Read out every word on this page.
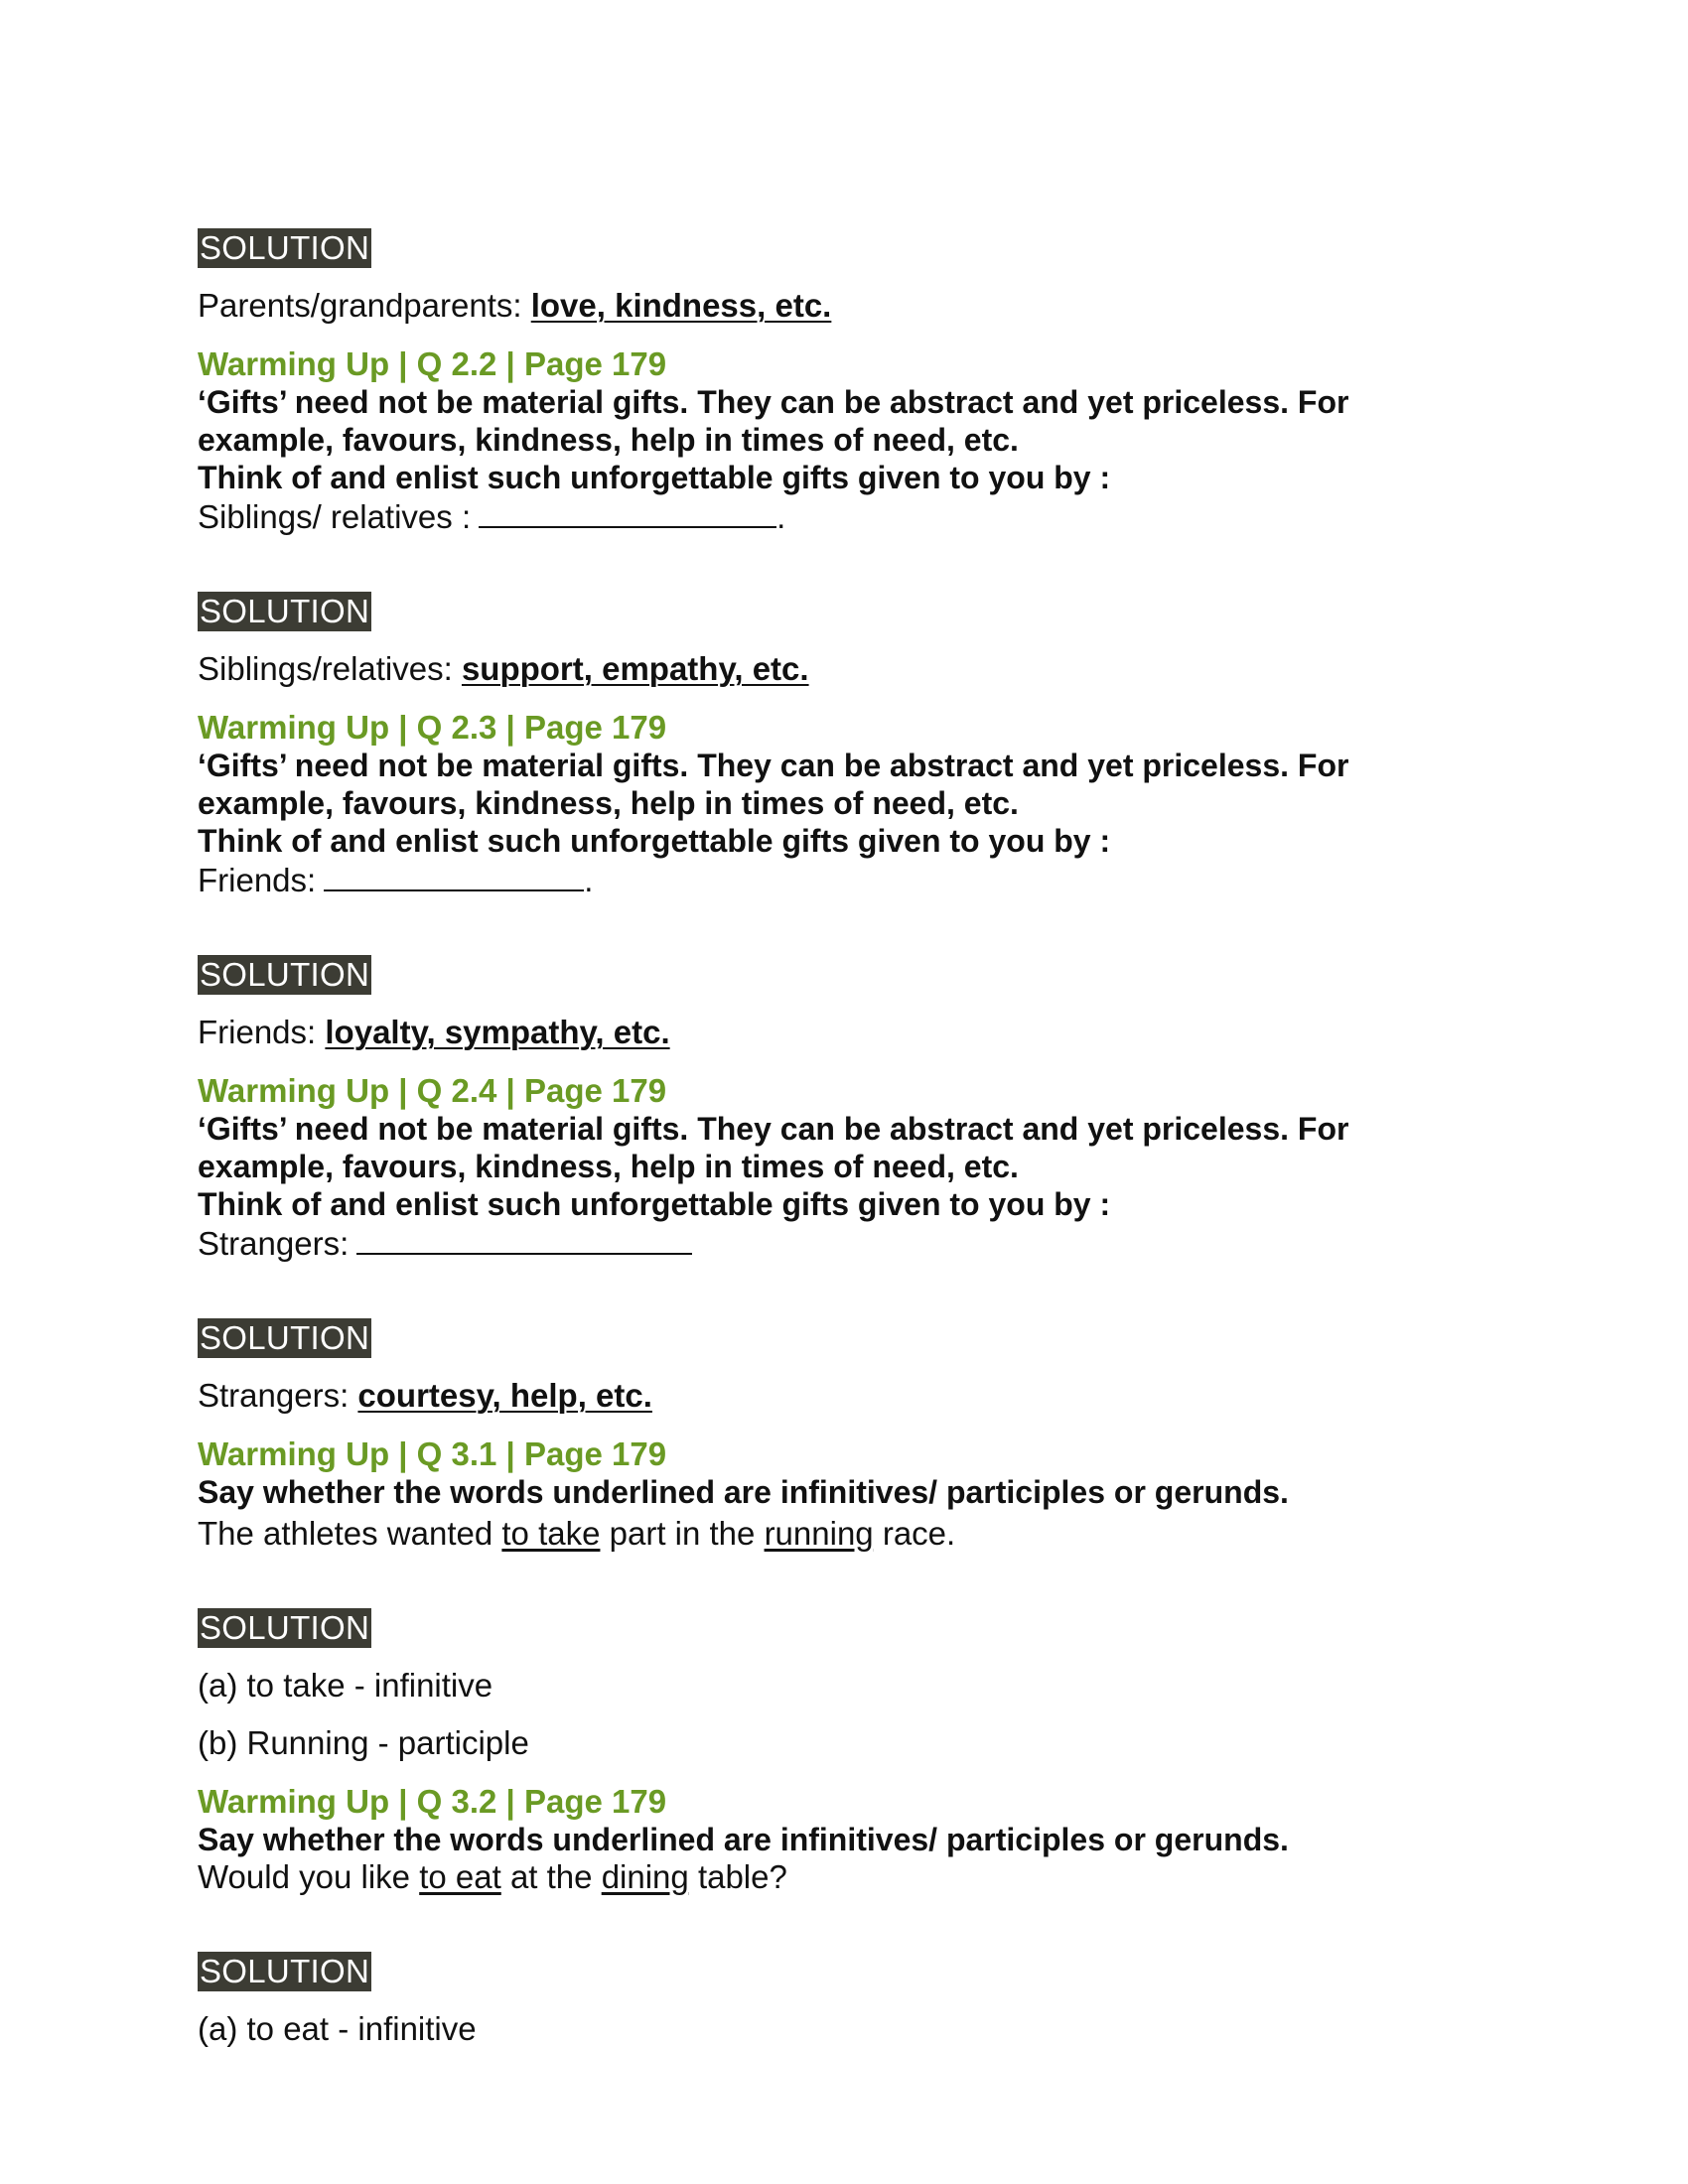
SOLUTION
Parents/grandparents: love, kindness, etc.
Warming Up | Q 2.2 | Page 179
‘Gifts’ need not be material gifts. They can be abstract and yet priceless. For
example, favours, kindness, help in times of need, etc.
Think of and enlist such unforgettable gifts given to you by :
Siblings/ relatives :	.
SOLUTION
Siblings/relatives: support, empathy, etc.
Warming Up | Q 2.3 | Page 179
‘Gifts’ need not be material gifts. They can be abstract and yet priceless. For
example, favours, kindness, help in times of need, etc.
Think of and enlist such unforgettable gifts given to you by :
Friends:	.
SOLUTION
Friends: loyalty, sympathy, etc.
Warming Up | Q 2.4 | Page 179
‘Gifts’ need not be material gifts. They can be abstract and yet priceless. For
example, favours, kindness, help in times of need, etc.
Think of and enlist such unforgettable gifts given to you by :
Strangers:
SOLUTION
Strangers: courtesy, help, etc.
Warming Up | Q 3.1 | Page 179
Say whether the words underlined are infinitives/ participles or gerunds.
The athletes wanted to take part in the running race.
SOLUTION
(a) to take - infinitive
(b) Running - participle
Warming Up | Q 3.2 | Page 179
Say whether the words underlined are infinitives/ participles or gerunds.
Would you like to eat at the dining table?
SOLUTION
(a) to eat - infinitive
